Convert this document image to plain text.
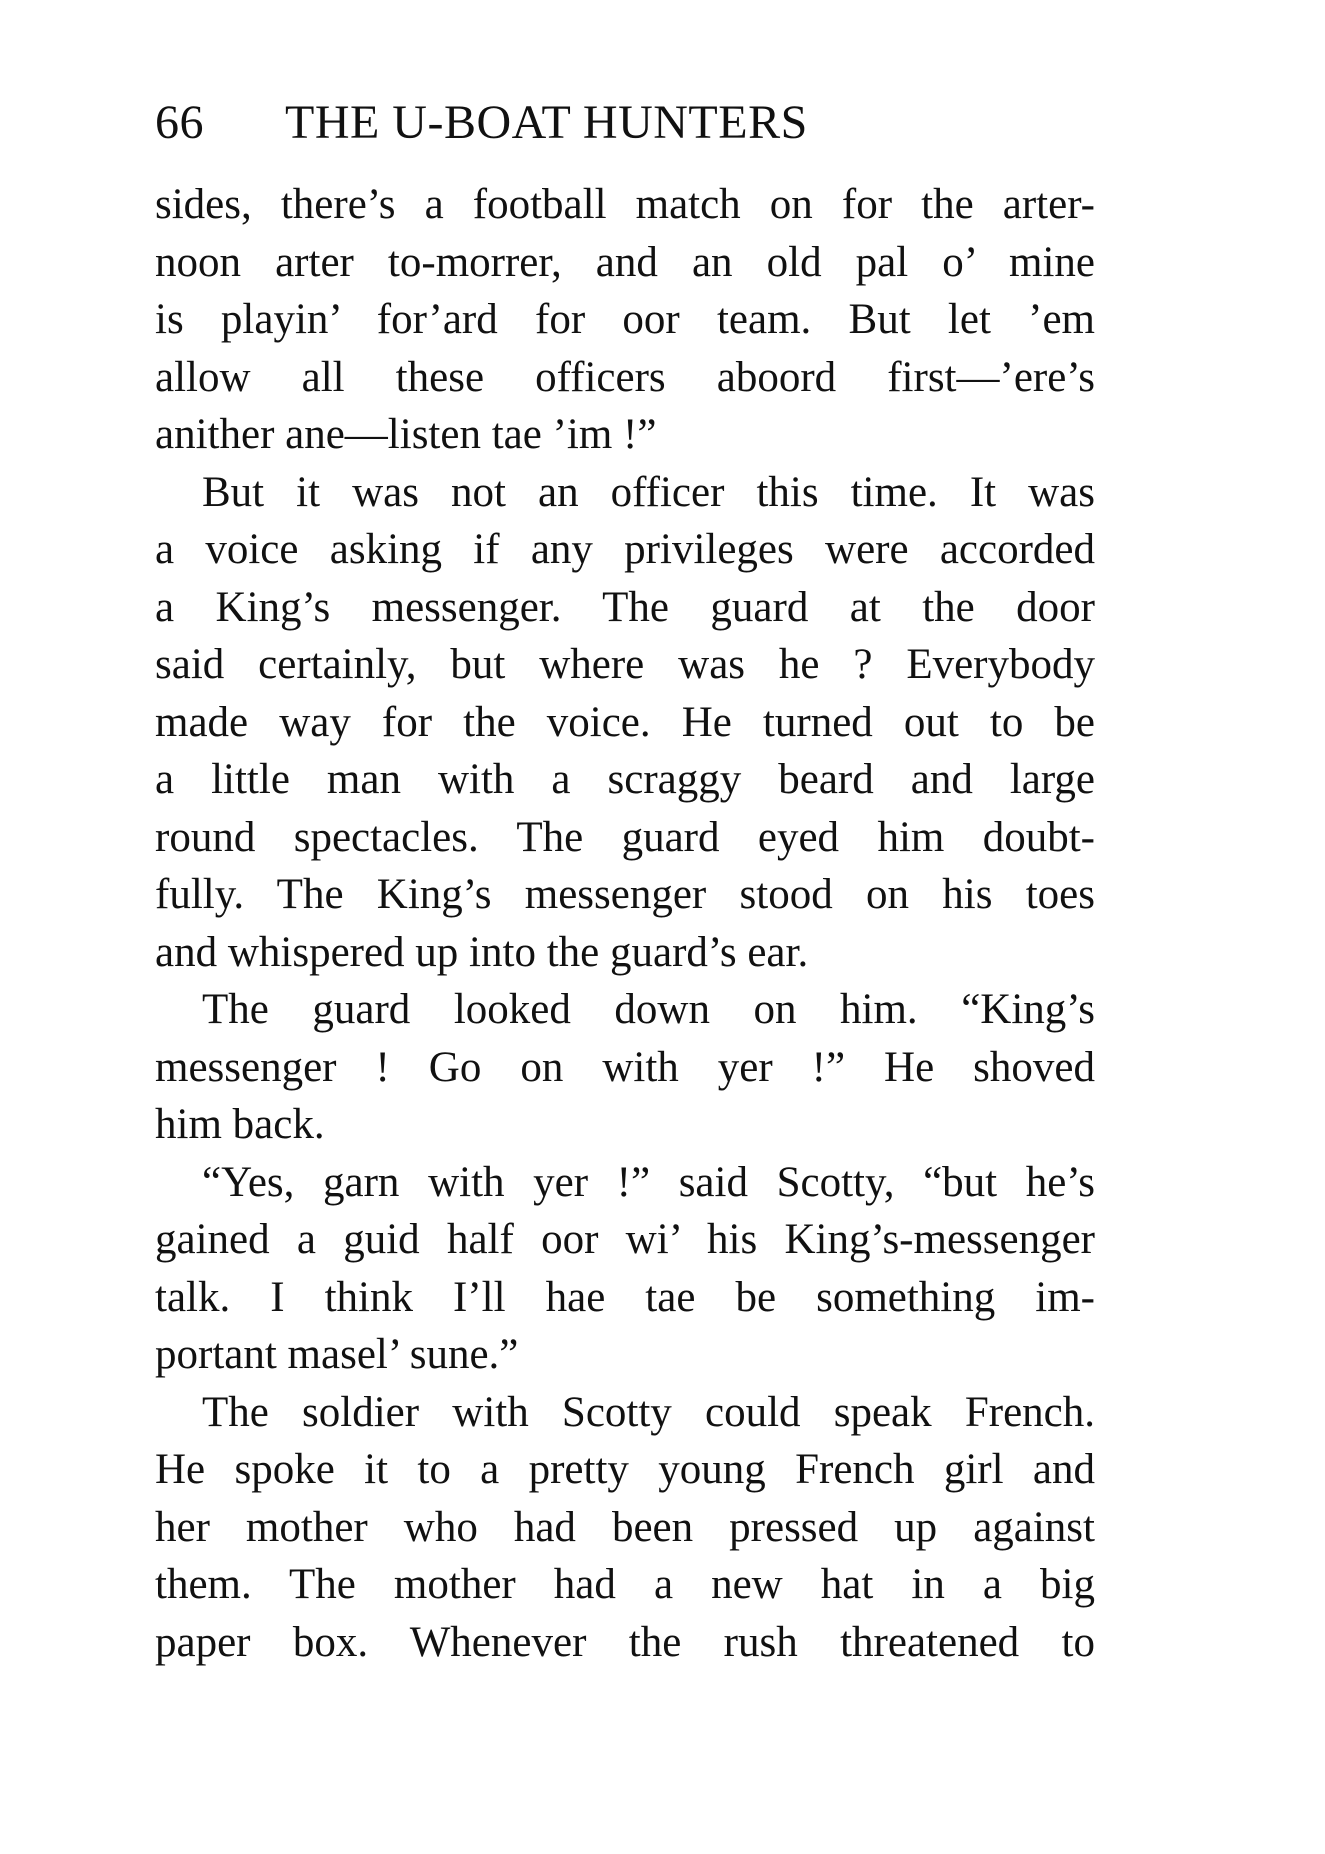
66 THE U-BOAT HUNTERS
sides, there’s a football match on for the arter-
noon arter to-morrer, and an old pal o’ mine
is playin’ for’ard for oor team. But let ’em
allow all these officers aboord first—’ere’s
anither ane—listen tae ’im !”
But it was not an officer this time. It was
a voice asking if any privileges were accorded
a King’s messenger. The guard at the door
said certainly, but where was he ? Everybody
made way for the voice. He turned out to be
a little man with a scraggy beard and large
round spectacles. The guard eyed him doubt-
fully. The King’s messenger stood on his toes
and whispered up into the guard’s ear.
The guard looked down on him. “King’s
messenger ! Go on with yer !” He shoved
him back.
“Yes, garn with yer !” said Scotty, “but he’s
gained a guid half oor wi’ his King’s-messenger
talk. I think I’ll hae tae be something im-
portant masel’ sune.”
The soldier with Scotty could speak French.
He spoke it to a pretty young French girl and
her mother who had been pressed up against
them. The mother had a new hat in a big
paper box. Whenever the rush threatened to
